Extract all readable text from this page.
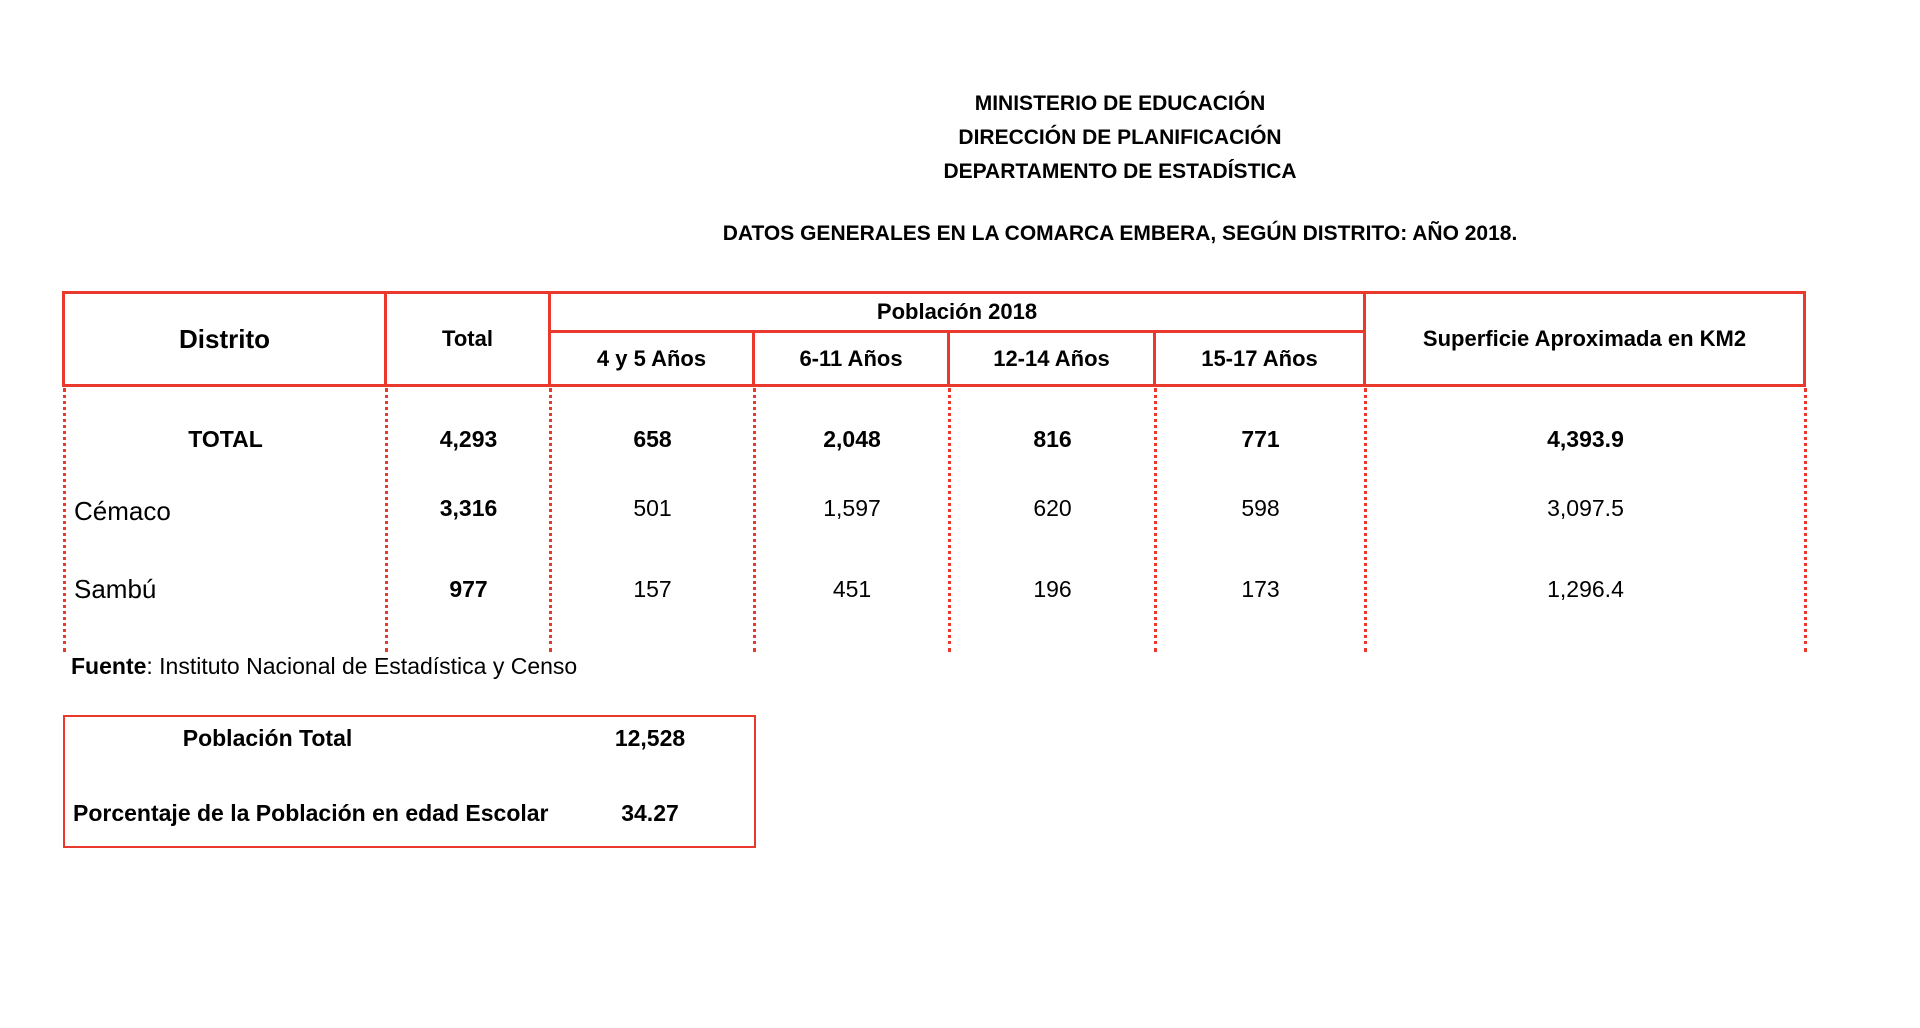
MINISTERIO DE EDUCACIÓN
DIRECCIÓN DE PLANIFICACIÓN
DEPARTAMENTO DE ESTADÍSTICA
DATOS GENERALES EN LA COMARCA EMBERA, SEGÚN DISTRITO: AÑO 2018.
Distrito	Total
Población 2018
4 y 5 Años	6-11 Años	12-14 Años	15-17 Años
Superficie Aproximada en KM2
TOTAL	4,293	658	2,048	816	771	4,393.9
Cémaco	3,316	501	1,597	620	598	3,097.5
Sambú	977	157	451	196	173	1,296.4
Fuente: Instituto Nacional de Estadística y Censo
Población Total	12,528
Porcentaje de la Población en edad Escolar	34.27
